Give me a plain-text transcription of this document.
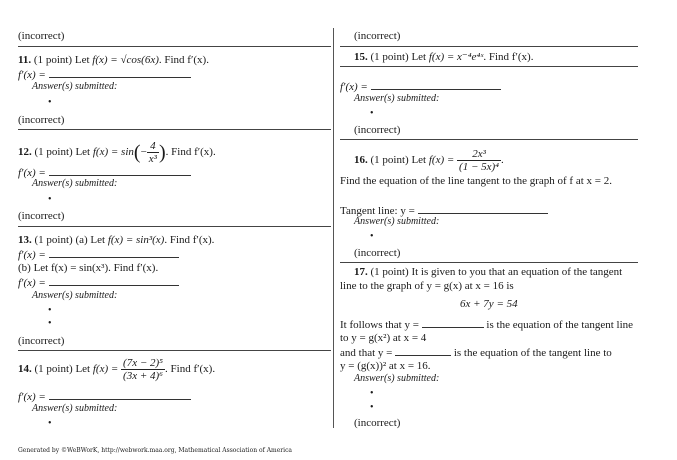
(incorrect)
11. (1 point) Let f(x) = √cos(6x). Find f′(x).
f′(x) =
Answer(s) submitted:
•
(incorrect)
12. (1 point) Let $f(x) = \sin(- \frac{4}{\text{x³}}$ ). Find f′(x).
f′(x) =
Answer(s) submitted:
•
(incorrect)
13. (1 point) (a) Let f(x) = sin³(x). Find f′(x).
f′(x) =
(b) Let f(x) = sin(x³). Find f′(x).
f′(x) =
Answer(s) submitted:
•
•
(incorrect)
14. (1 point) Let $f(x) = \frac{\text{(7x − 2)⁵}}{\text{(3x + 4)⁶}}$ . Find f′(x).
f′(x) =
Answer(s) submitted:
•
(incorrect)
15. (1 point) Let f(x) = x⁻⁴e⁴ˣ. Find f′(x).
f′(x) =
Answer(s) submitted:
•
(incorrect)
16. (1 point) Let $f(x) = \frac{\text{2x³}}{\text{(1 − 5x)⁴}}$ .
Find the equation of the line tangent to the graph of f at x = 2.
Tangent line: y =
Answer(s) submitted:
•
(incorrect)
17. (1 point) It is given to you that an equation of the tangent
line to the graph of y = g(x) at x = 16 is
6x + 7y = 54
It follows that y =	is the equation of the tangent line
to y = g(x²) at x = 4
and that y =	is the equation of the tangent line to
y = (g(x))² at x = 16.
Answer(s) submitted:
•
•
(incorrect)
Generated by ©WeBWorK, http://webwork.maa.org, Mathematical Association of America
